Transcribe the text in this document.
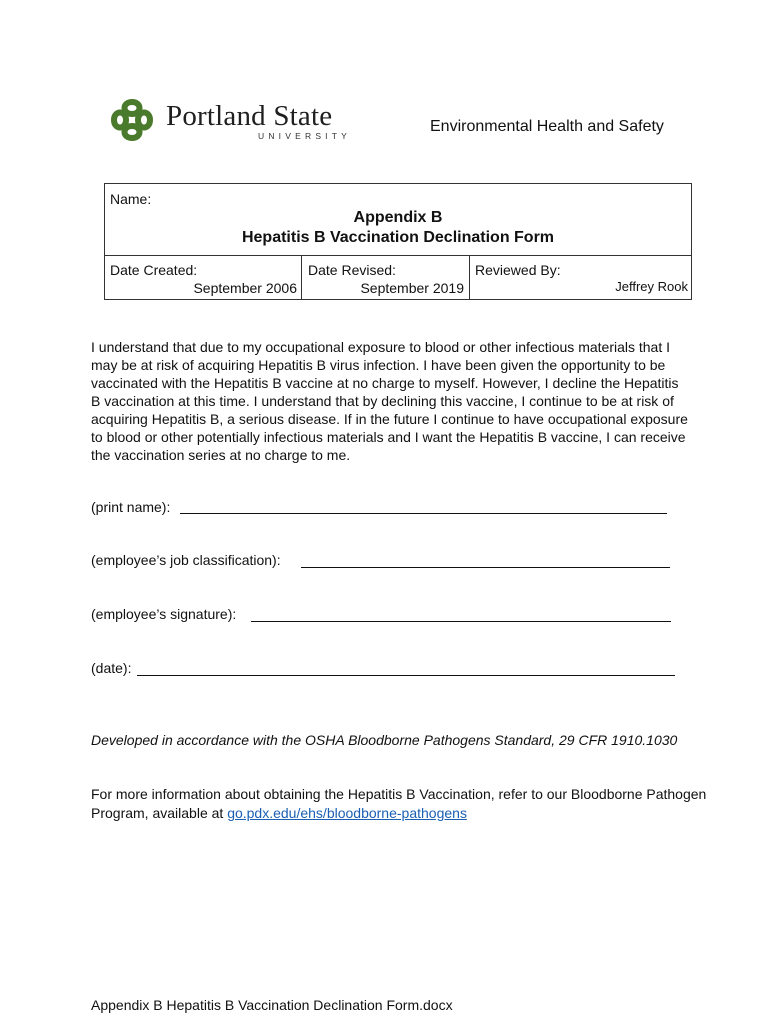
Portland State
UNIVERSITY
Environmental Health and Safety
Name:
Appendix B
Hepatitis B Vaccination Declination Form
Date Created:
September 2006
Date Revised:
September 2019
Reviewed By:
Jeffrey Rook

I understand that due to my occupational exposure to blood or other infectious materials that I may be at risk of acquiring Hepatitis B virus infection. I have been given the opportunity to be vaccinated with the Hepatitis B vaccine at no charge to myself. However, I decline the Hepatitis B vaccination at this time. I understand that by declining this vaccine, I continue to be at risk of acquiring Hepatitis B, a serious disease. If in the future I continue to have occupational exposure to blood or other potentially infectious materials and I want the Hepatitis B vaccine, I can receive the vaccination series at no charge to me.

(print name):
(employee’s job classification):
(employee’s signature):
(date):

Developed in accordance with the OSHA Bloodborne Pathogens Standard, 29 CFR 1910.1030

For more information about obtaining the Hepatitis B Vaccination, refer to our Bloodborne Pathogen Program, available at go.pdx.edu/ehs/bloodborne-pathogens

Appendix B Hepatitis B Vaccination Declination Form.docx
